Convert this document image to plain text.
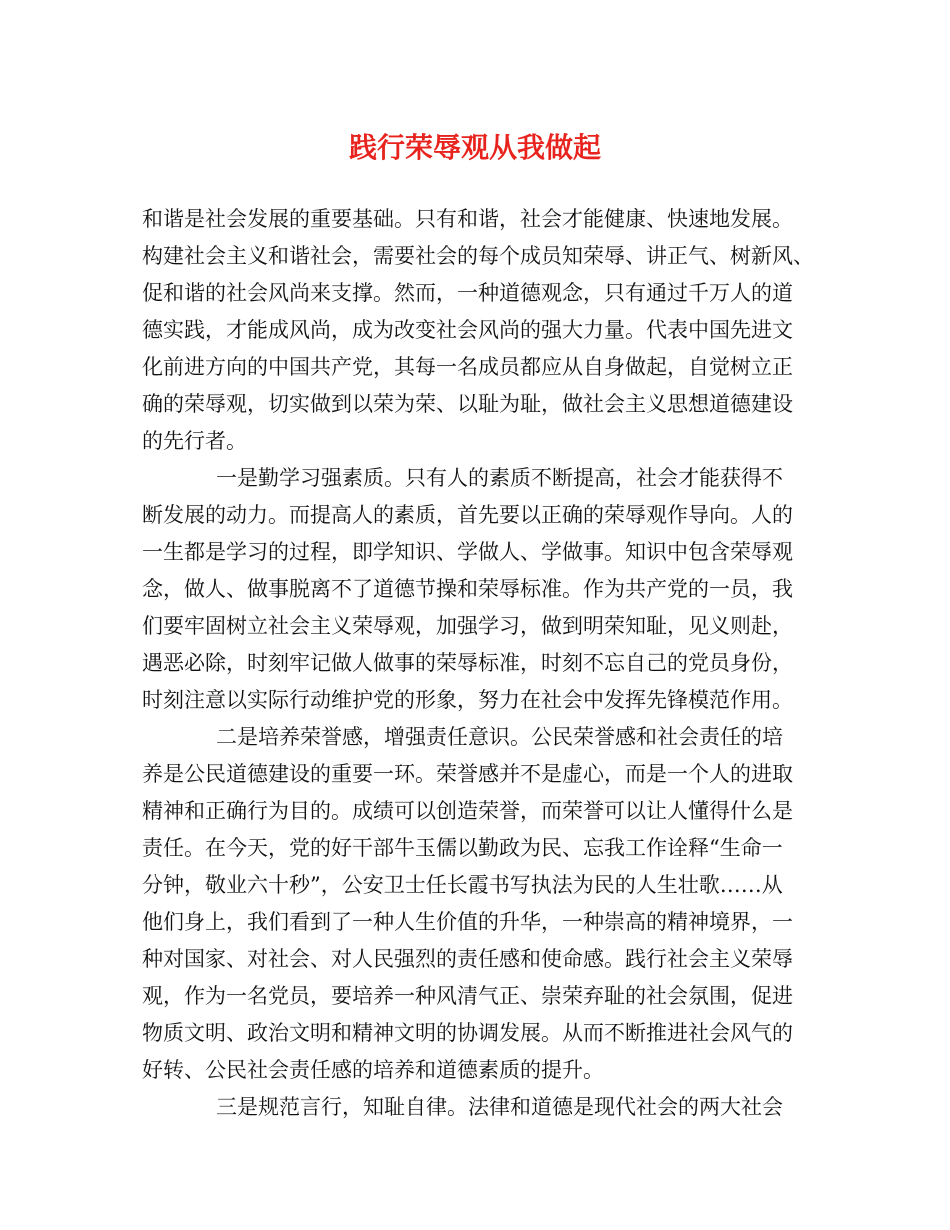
践行荣辱观从我做起
和谐是社会发展的重要基础。只有和谐，社会才能健康、快速地发展。
构建社会主义和谐社会，需要社会的每个成员知荣辱、讲正气、树新风、
促和谐的社会风尚来支撑。然而，一种道德观念，只有通过千万人的道
德实践，才能成风尚，成为改变社会风尚的强大力量。代表中国先进文
化前进方向的中国共产党，其每一名成员都应从自身做起，自觉树立正
确的荣辱观，切实做到以荣为荣、以耻为耻，做社会主义思想道德建设
的先行者。
一是勤学习强素质。只有人的素质不断提高，社会才能获得不
断发展的动力。而提高人的素质，首先要以正确的荣辱观作导向。人的
一生都是学习的过程，即学知识、学做人、学做事。知识中包含荣辱观
念，做人、做事脱离不了道德节操和荣辱标准。作为共产党的一员，我
们要牢固树立社会主义荣辱观，加强学习，做到明荣知耻，见义则赴，
遇恶必除，时刻牢记做人做事的荣辱标准，时刻不忘自己的党员身份，
时刻注意以实际行动维护党的形象，努力在社会中发挥先锋模范作用。
二是培养荣誉感，增强责任意识。公民荣誉感和社会责任的培
养是公民道德建设的重要一环。荣誉感并不是虚心，而是一个人的进取
精神和正确行为目的。成绩可以创造荣誉，而荣誉可以让人懂得什么是
责任。在今天，党的好干部牛玉儒以勤政为民、忘我工作诠释“生命一
分钟，敬业六十秒”，公安卫士任长霞书写执法为民的人生壮歌……从
他们身上，我们看到了一种人生价值的升华，一种崇高的精神境界，一
种对国家、对社会、对人民强烈的责任感和使命感。践行社会主义荣辱
观，作为一名党员，要培养一种风清气正、崇荣弃耻的社会氛围，促进
物质文明、政治文明和精神文明的协调发展。从而不断推进社会风气的
好转、公民社会责任感的培养和道德素质的提升。
三是规范言行，知耻自律。法律和道德是现代社会的两大社会
